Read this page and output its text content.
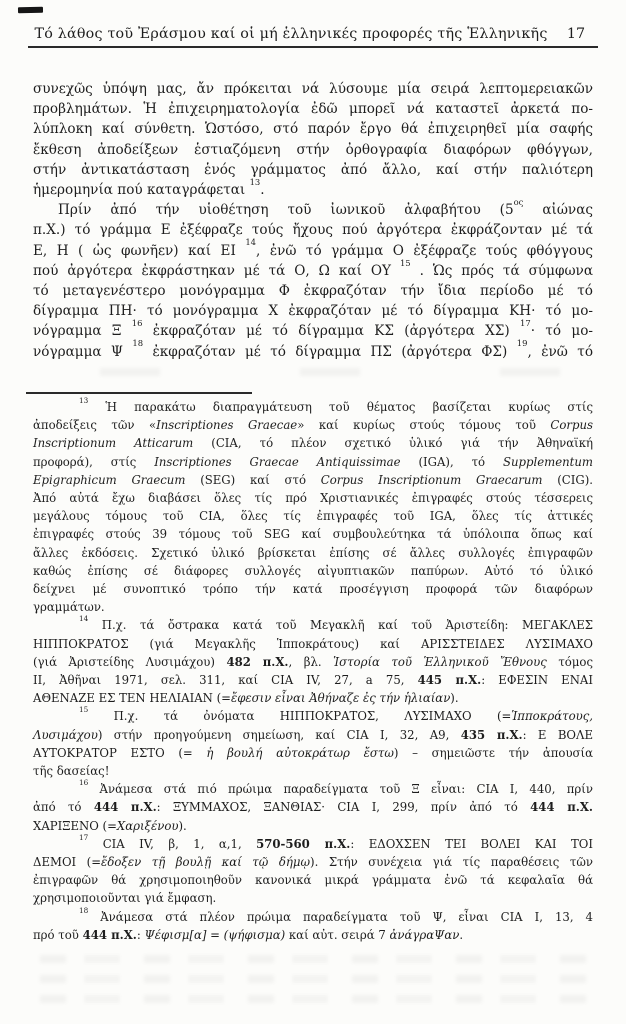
Τό λάθος τοῦ Ἐράσμου καί οἱ μή ἑλληνικές προφορές τῆς Ἑλληνικῆς	17
συνεχῶς ὑπόψη μας, ἄν πρόκειται νά λύσουμε μία σειρά λεπτομερειακῶν
προβλημάτων. Ἡ ἐπιχειρηματολογία ἐδῶ μπορεῖ νά καταστεῖ ἀρκετά πο-
λύπλοκη καί σύνθετη. Ὡστόσο, στό παρόν ἔργο θά ἐπιχειρηθεῖ μία σαφής
ἔκθεση ἀποδείξεων ἑστιαζόμενη στήν ὀρθογραφία διαφόρων φθόγγων,
στήν ἀντικατάσταση ἑνός γράμματος ἀπό ἄλλο, καί στήν παλιότερη
ἡμερομηνία πού καταγράφεται $^{13}$.
Πρίν ἀπό τήν υἱοθέτηση τοῦ ἰωνικοῦ ἀλφαβήτου ($5^{o\varsigma}$ αἰώνας
π.Χ.) τό γράμμα Ε ἐξέφραζε τούς ἤχους πού ἀργότερα ἐκφράζονταν μέ τά
Ε, Η ( ὡς φωνῆεν) καί ΕΙ $^{14}$, ἐνῶ τό γράμμα Ο ἐξέφραζε τούς φθόγγους
πού ἀργότερα ἐκφράστηκαν μέ τά Ο, Ω καί ΟΥ $^{15}$ . Ὡς πρός τά σύμφωνα
τό μεταγενέστερο μονόγραμμα Φ ἐκφραζόταν τήν ἴδια περίοδο μέ τό
δίγραμμα ΠΗ· τό μονόγραμμα Χ ἐκφραζόταν μέ τό δίγραμμα ΚΗ· τό μο-
νόγραμμα Ξ $^{16}$ ἐκφραζόταν μέ τό δίγραμμα ΚΣ (ἀργότερα ΧΣ) $^{17}$· τό μο-
νόγραμμα Ψ $^{18}$ ἐκφραζόταν μέ τό δίγραμμα ΠΣ (ἀργότερα ΦΣ) $^{19}$, ἐνῶ τό
$^{13}$ Ἡ παρακάτω διαπραγμάτευση τοῦ θέματος βασίζεται κυρίως στίς
ἀποδείξεις τῶν «Inscriptiones Graecae» καί κυρίως στούς τόμους τοῦ Corpus
Inscriptionum Atticarum (CIA, τό πλέον σχετικό ὑλικό γιά τήν Ἀθηναϊκή
προφορά), στίς Inscriptiones Graecae Antiquissimae (IGA), τό Supplementum
Epigraphicum Graecum (SEG) καί στό Corpus Inscriptionum Graecarum (CIG).
Ἀπό αὐτά ἔχω διαβάσει ὅλες τίς πρό Χριστιανικές ἐπιγραφές στούς τέσσερεις
μεγάλους τόμους τοῦ CIA, ὅλες τίς ἐπιγραφές τοῦ IGA, ὅλες τίς ἀττικές
ἐπιγραφές στούς 39 τόμους τοῦ SEG καί συμβουλεύτηκα τά ὑπόλοιπα ὅπως καί
ἄλλες ἐκδόσεις. Σχετικό ὑλικό βρίσκεται ἐπίσης σέ ἄλλες συλλογές ἐπιγραφῶν
καθώς ἐπίσης σέ διάφορες συλλογές αἰγυπτιακῶν παπύρων. Αὐτό τό ὑλικό
δείχνει μέ συνοπτικό τρόπο τήν κατά προσέγγιση προφορά τῶν διαφόρων
γραμμάτων.
$^{14}$ Π.χ. τά ὄστρακα κατά τοῦ Μεγακλῆ καί τοῦ Ἀριστείδη: ΜΕΓΑΚΛΕΣ
ΗΙΠΠΟΚΡΑΤΟΣ (γιά Μεγακλῆς Ἱπποκράτους) καί ΑΡΙΣΣΤΕΙΔΕΣ ΛΥΣΙΜΑΧΟ
(γιά Ἀριστείδης Λυσιμάχου) 482 π.Χ., βλ. Ἱστορία τοῦ Ἑλληνικοῦ Ἔθνους τόμος
ΙΙ, Ἀθῆναι 1971, σελ. 311, καί CIA IV, 27, a 75, 445 π.Χ.: ΕΦΕΣΙΝ ΕΝΑΙ
ΑΘΕΝΑΖΕ ΕΣ ΤΕΝ ΗΕΛΙΑΙΑΝ (=ἔφεσιν εἶναι Ἀθήναζε ἐς τήν ἡλιαίαν).
$^{15}$ Π.χ. τά ὀνόματα ΗΙΠΠΟΚΡΑΤΟΣ, ΛΥΣΙΜΑΧΟ (=Ἱπποκράτους,
Λυσιμάχου) στήν προηγούμενη σημείωση, καί CIA I, 32, A9, 435 π.Χ.: Ε ΒΟΛΕ
ΑΥΤΟΚΡΑΤΟΡ ΕΣΤΟ (= ἡ βουλή αὐτοκράτωρ ἔστω) – σημειῶστε τήν ἀπουσία
τῆς δασείας!
$^{16}$ Ἀνάμεσα στά πιό πρώιμα παραδείγματα τοῦ Ξ εἶναι: CIA I, 440, πρίν
ἀπό τό 444 π.Χ.: ΞΥΜΜΑΧΟΣ, ΞΑΝΘΙΑΣ· CIA I, 299, πρίν ἀπό τό 444 π.Χ.
ΧΑΡΙΞΕΝΟ (=Χαριξένου).
$^{17}$ CIA IV, β, 1, α,1, 570-560 π.Χ.: ΕΔΟΧΣΕΝ ΤΕΙ ΒΟΛΕΙ ΚΑΙ ΤΟΙ
ΔΕΜΟΙ (=ἔδοξεν τῇ βουλῇ καί τῷ δήμῳ). Στήν συνέχεια γιά τίς παραθέσεις τῶν
ἐπιγραφῶν θά χρησιμοποιηθοῦν κανονικά μικρά γράμματα ἐνῶ τά κεφαλαῖα θά
χρησιμοποιοῦνται γιά ἔμφαση.
$^{18}$ Ἀνάμεσα στά πλέον πρώιμα παραδείγματα τοῦ Ψ, εἶναι CIA I, 13, 4
πρό τοῦ 444 π.Χ.: Ψέφισμ[α] = (ψήφισμα) καί αὐτ. σειρά 7 ἀνάγραΨαν.
